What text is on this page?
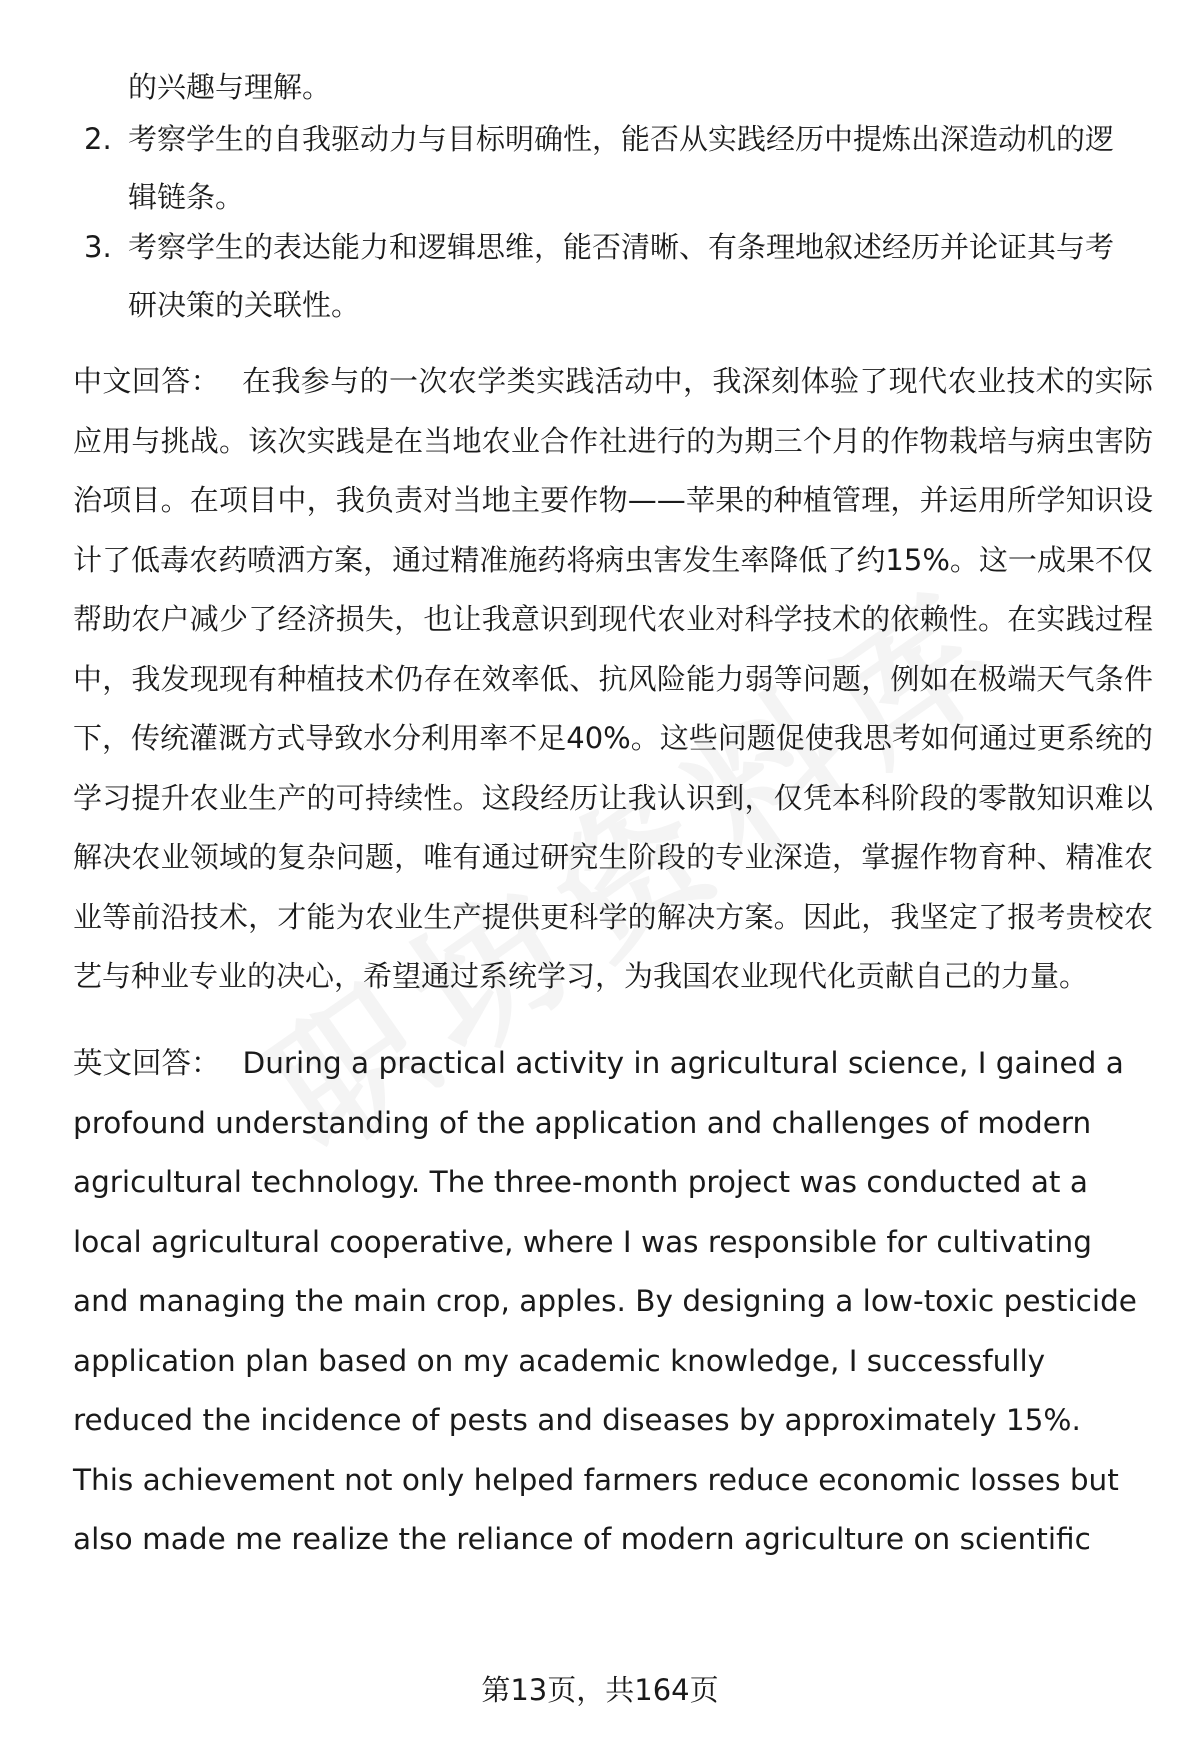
的兴趣与理解。
2. 考察学生的自我驱动力与目标明确性，能否从实践经历中提炼出深造动机的逻辑链条。
3. 考察学生的表达能力和逻辑思维，能否清晰、有条理地叙述经历并论证其与考研决策的关联性。
中文回答： 在我参与的一次农学类实践活动中，我深刻体验了现代农业技术的实际应用与挑战。该次实践是在当地农业合作社进行的为期三个月的作物栽培与病虫害防治项目。在项目中，我负责对当地主要作物——苹果的种植管理，并运用所学知识设计了低毒农药喷洒方案，通过精准施药将病虫害发生率降低了约15%。这一成果不仅帮助农户减少了经济损失，也让我意识到现代农业对科学技术的依赖性。在实践过程中，我发现现有种植技术仍存在效率低、抗风险能力弱等问题，例如在极端天气条件下，传统灌溉方式导致水分利用率不足40%。这些问题促使我思考如何通过更系统的学习提升农业生产的可持续性。这段经历让我认识到，仅凭本科阶段的零散知识难以解决农业领域的复杂问题，唯有通过研究生阶段的专业深造，掌握作物育种、精准农业等前沿技术，才能为农业生产提供更科学的解决方案。因此，我坚定了报考贵校农艺与种业专业的决心，希望通过系统学习，为我国农业现代化贡献自己的力量。
英文回答： During a practical activity in agricultural science, I gained a profound understanding of the application and challenges of modern agricultural technology. The three-month project was conducted at a local agricultural cooperative, where I was responsible for cultivating and managing the main crop, apples. By designing a low-toxic pesticide application plan based on my academic knowledge, I successfully reduced the incidence of pests and diseases by approximately 15%. This achievement not only helped farmers reduce economic losses but also made me realize the reliance of modern agriculture on scientific
第13页，共164页
